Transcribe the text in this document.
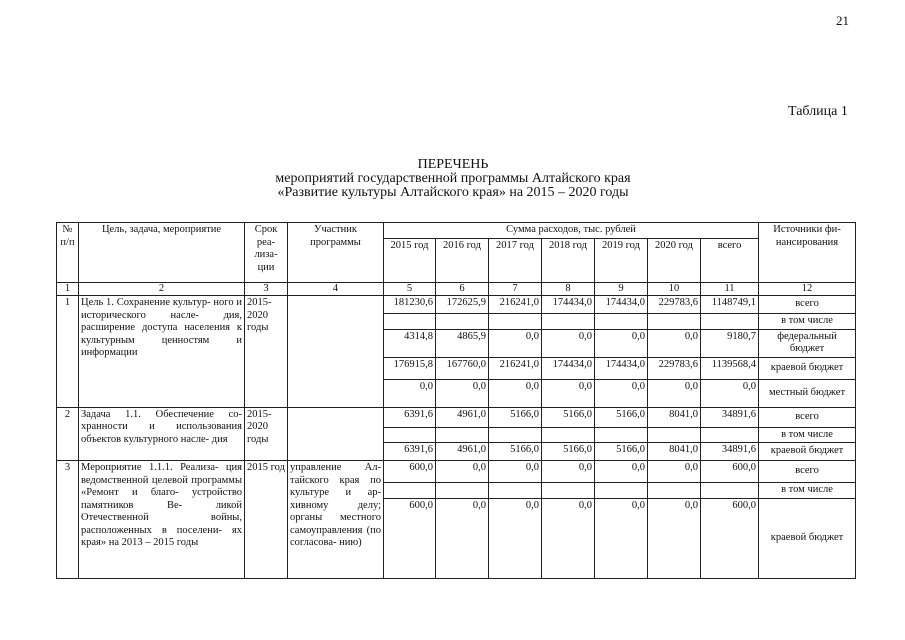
21
Таблица 1
ПЕРЕЧЕНЬ
мероприятий государственной программы Алтайского края
«Развитие культуры Алтайского края» на 2015 – 2020 годы
№ п/п	Цель, задача, мероприятие	Срок реа- лиза- ции	Участник программы	Сумма расходов, тыс. рублей							Источники фи- нансирования
				2015 год	2016 год	2017 год	2018 год	2019 год	2020 год	всего	
1	2	3	4	5	6	7	8	9	10	11	12
1	Цель 1. Сохранение культур- ного и исторического насле- дия, расширение доступа населения к культурным ценностям и информации	2015- 2020 годы		181230,6	172625,9	216241,0	174434,0	174434,0	229783,6	1148749,1	всего
											в том числе
				4314,8	4865,9	0,0	0,0	0,0	0,0	9180,7	федеральный бюджет
				176915,8	167760,0	216241,0	174434,0	174434,0	229783,6	1139568,4	краевой бюджет
				0,0	0,0	0,0	0,0	0,0	0,0	0,0	местный бюджет
2	Задача 1.1. Обеспечение со- хранности и использования объектов культурного насле- дия	2015- 2020 годы		6391,6	4961,0	5166,0	5166,0	5166,0	8041,0	34891,6	всего
											в том числе
				6391,6	4961,0	5166,0	5166,0	5166,0	8041,0	34891,6	краевой бюджет
3	Мероприятие 1.1.1. Реализа- ция ведомственной целевой программы «Ремонт и благо- устройство памятников Ве- ликой Отечественной войны, расположенных в поселени- ях края» на 2013 – 2015 годы	2015 год	управление Ал- тайского края по культуре и ар- хивному делу; органы местного самоуправления (по согласова- нию)	600,0	0,0	0,0	0,0	0,0	0,0	600,0	всего
											в том числе
				600,0	0,0	0,0	0,0	0,0	0,0	600,0	краевой бюджет
